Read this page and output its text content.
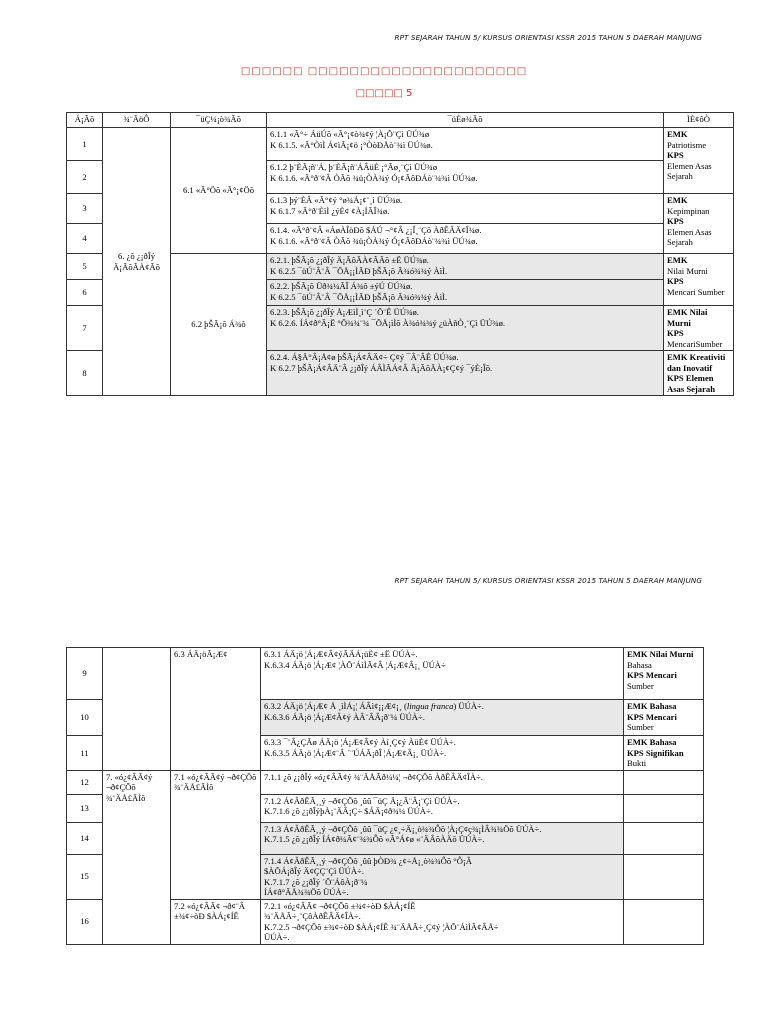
RPT SEJARAH TAHUN 5/ KURSUS ORIENTASI KSSR 2015 TAHUN 5 DAERAH MANJUNG
□□□□□□ □□□□□□□□□□□□□□□□□□□□□
□□□□□ 5
Á¡Ãõ	¾¨ÃöÔ	¯üÇ¼¡ò¾Ãõ	¯üÈø¾Ãõ	ÌÈ¢ôÒ
1	6. ¿õ ¿¡ðÎý Ä¡ÃõÃÀ¢Ãõ	6.1 «Ã°Öõ «Ã°¡¢Öõ	6.1.1 «Ã°÷ ÁüÚõ «Ã°¡¢ò¾¢ý ¦À¡Õ¨Çì ÜÚ¾ø
K 6.1.5. «Ã°ÒìÌ Á¢ìÃ¡¢ö ¡°ÒòÐÅò¨¾ì ÜÚ¾ø.	EMK
Patriotisme
KPS
Elemen Asas Sejarah

2			6.1.2 þ¨ÈÃ¡ñ¨Á, þ¨ÈÃ¡ñ¨ÁÂüÈ ¡°Ãø¸¨Çì ÜÚ¾ø
K 6.1.6. «Ã°ð¨¢Â ÒÃõ ¾ü¡ÒÀ¾ý Ó¡¢ÃôÐÁò¨¾¾ì ÜÚ¾ø.	

3			6.1.3 þý¨ÈÂ «Ã°¢ý °ø¾Á¡¢¨¸ì ÜÚ¾ø.
K 6.1.7 «Ã°ð¨ÈìÌ ¿ýÈ¢ ¢À¡ÍÃÎ¾ø.	EMK
Kepimpinan
KPS
Elemen Asas Sejarah

4			6.1.4. «Ã°ð¨¢Â «ÁøÀÎòÐõ $ÁÚ ¬°¢Â ¿¡Î¸¨Çõ ÀðÊÂÄ¢Î¾ø.
K 6.1.6. «Ã°ð¨¢Â ÒÃõ ¾ü¡ÒÀ¾ý Ó¡¢ÃôÐÁò¨¾¾ì ÜÚ¾ø.	

5		6.2 þŠÃ¡õ Á¾õ	6.2.1. þŠÃ¡õ ¿¡ðÎý Ä¡ÃõÃÀ¢ÃÃõ ±Ë ÜÚ¾ø.
K 6.2.5 ¯üÚ¨Â¨Â ¯ÕÅ¡¡ÌÃÐ þŠÃ¡õ Ã¾ó¾¾ý ÀìÌ.	EMK
Nilai Murni
KPS
Mencari Sumber

6			6.2.2. þŠÃ¡õ Üð¾¼ÃÎ Á¾õ ±ýÚ ÜÚ¾ø.
K 6.2.5 ¯üÚ¨Â¨Â ¯ÕÅ¡¡ÌÃÐ þŠÃ¡õ Ã¾ó¾¾ý ÀìÌ.	

7			6.2.3. þŠÃ¡õ ¿¡ðÎý Å¡ÆìÌ¸ì¨Ç ´Õ¨Ê ÜÚ¾ø.
K 6.2.6. ÍÁ¢ð°Ã¡Ë °Õ¾¾¨¾ ¯ÕÅ¡ìÌõ À¾ó¾¾ý ¿üÀñÒ¸¨Çì ÜÚ¾ø.	EMK Nilai Murni
KPS
MencariSumber

8			6.2.4. Á§Ä°Â¡Å¢ø þŠÃ¡Á¢ÂÄ¢÷ Ç¢ý ¯Â¨ÂÊ ÜÚ¾ø.
K 6.2.7 þŠÃ¡Á¢ÂÄ¨Â ¿¡ðÎý ÁÂÌÃÁ¢Â Ã¡ÃõÃÀ¡¢Ç¢ý ¯ýÈ¡Îõ.	EMK Kreativiti dan Inovatif
KPS Elemen Asas Sejarah
RPT SEJARAH TAHUN 5/ KURSUS ORIENTASI KSSR 2015 TAHUN 5 DAERAH MANJUNG
9		6.3 ÁÄ¡öÃ¡Æ¢	6.3.1 ÁÄ¡ö ¦Á¡Æ¢Â¢ýÃÄÁ¡üÈ¢ ±Ë ÜÚÀ÷.
K.6.3.4 ÁÄ¡ö ¦Á¡Æ¢ ¦ÀÕ¨ÁìÌÃ¢Â ¦Á¡Æ¢Â¡¸ ÜÚÀ÷	EMK Nilai Murni
Bahasa
KPS Mencari
Sumber

10			6.3.2 ÁÄ¡ö ¦Á¡Æ¢ Å ¸ìÌÁ¡¦ ÁÂì¢¡¡Æ¢¡¸ (lingua franca) ÜÚÀ÷.
K.6.3.6 ÁÄ¡ö ¦Á¡Æ¢Â¢ý ÀÂ¨ÂÂ¡ð¨¼ ÜÚÀ÷.	EMK Bahasa
KPS Mencari
Sumber

11			6.3.3 ¯¨Â¿ÇÃø ÁÄ¡ö ¦Á¡Æ¢Â¢ý Àí¸Ç¢ý ÀüÈ¢ ÜÚÀ÷.
K.6.3.5 ÁÄ¡ö ¦Á¡Æ¢¨Â ´¨ÚÁÃ¡ðÎ ¦Á¡Æ¢Â¡¸ ÜÚÀ÷.	EMK Bahasa
KPS Signifikan
Bukti

12	7. «ó¿¢ÂÃ¢ý ¬ð¢ÇÕõ ¾¨ÄÅ£ÃÌõ	7.1 «ó¿¢ÂÃ¢ý ¬ð¢ÇÕõ ¾¨ÄÅ£ÃÌõ	7.1.1 ¿õ ¿¡ðÎý «ó¿¢ÂÃ¢ý ¾¨ÄÅÃð¼¼¦ ¬ð¢ÇÕõ ÀðÊÂÄ¢ÎÀ÷.	

13			7.1.2 Á¢ÂðÊÃ¸¸ý ¬ð¢ÇÕõ ¸ûû ¯üÇ Ä¡¿Ã¨Â¡¨Çì ÜÚÀ÷.
K.7.1.6 ¿õ ¿¡ðÎýþÀ¡¨ÄÂ¡Ç÷ $ÁÄ¡¢ð¾¼ ÜÚÀ÷.	

14			7.1.3 Á¢ÂðÊÃ¸¸ý ¬ð¢ÇÕõ ¸ûû ¯üÇ ¿¢¸÷Ä¡¸ò¾¾Ôõ ¦À¡Ç¢ç¾¡ÌÂ¾¾Öõ ÜÚÀ÷.
K.7.1.5 ¿õ ¿¡ðÎý ÍÁ¢ð¼Ã¢¨¾¾Ôõ «Ã°Á¢ø «¨ÄÂõÀÄõ ÜÚÀ÷.	

15			7.1.4 Á¢ÂðÊÃ¸¸ý ¬ð¢ÇÕõ ¸ûû þÒÐ¾ ¿¢÷Å¡¸ò¾¾Ôõ °Ô¡Â
$ÀÕÁ¡ðÎý Ä¢ÇÇ¨Çì ÜÚÀ÷.
K.7.1.7 ¿õ ¿¡ðÎý ´Õ¨ÁôÀ¡ð¨¼
ÍÁ¢ð°ÃÅ¾¾Öõ ÜÚÀ÷.	

16		7.2 «ó¿¢ÂÃ¢ ¬ð¢¨Â ±¾¢÷òÐ $ÀÁ¡¢ÍÊ	7.2.1 «ó¿¢ÂÃ¢ ¬ð¢ÇÕõ ±¾¢÷òÐ $ÀÁ¡¢ÍÊ
¾¨ÄÅÃ÷¸¨ÇôÀðÊÂÄ¢ÎÀ÷.
K.7.2.5 ¬ð¢ÇÕõ ±¾¢÷òÐ $ÀÁ¡¢ÍÊ ¾¨ÄÅÃ÷¸Ç¢ý ¦ÀÕ¨ÁìÌÃ¢ÂÅ÷
ÜÚÀ÷.	
